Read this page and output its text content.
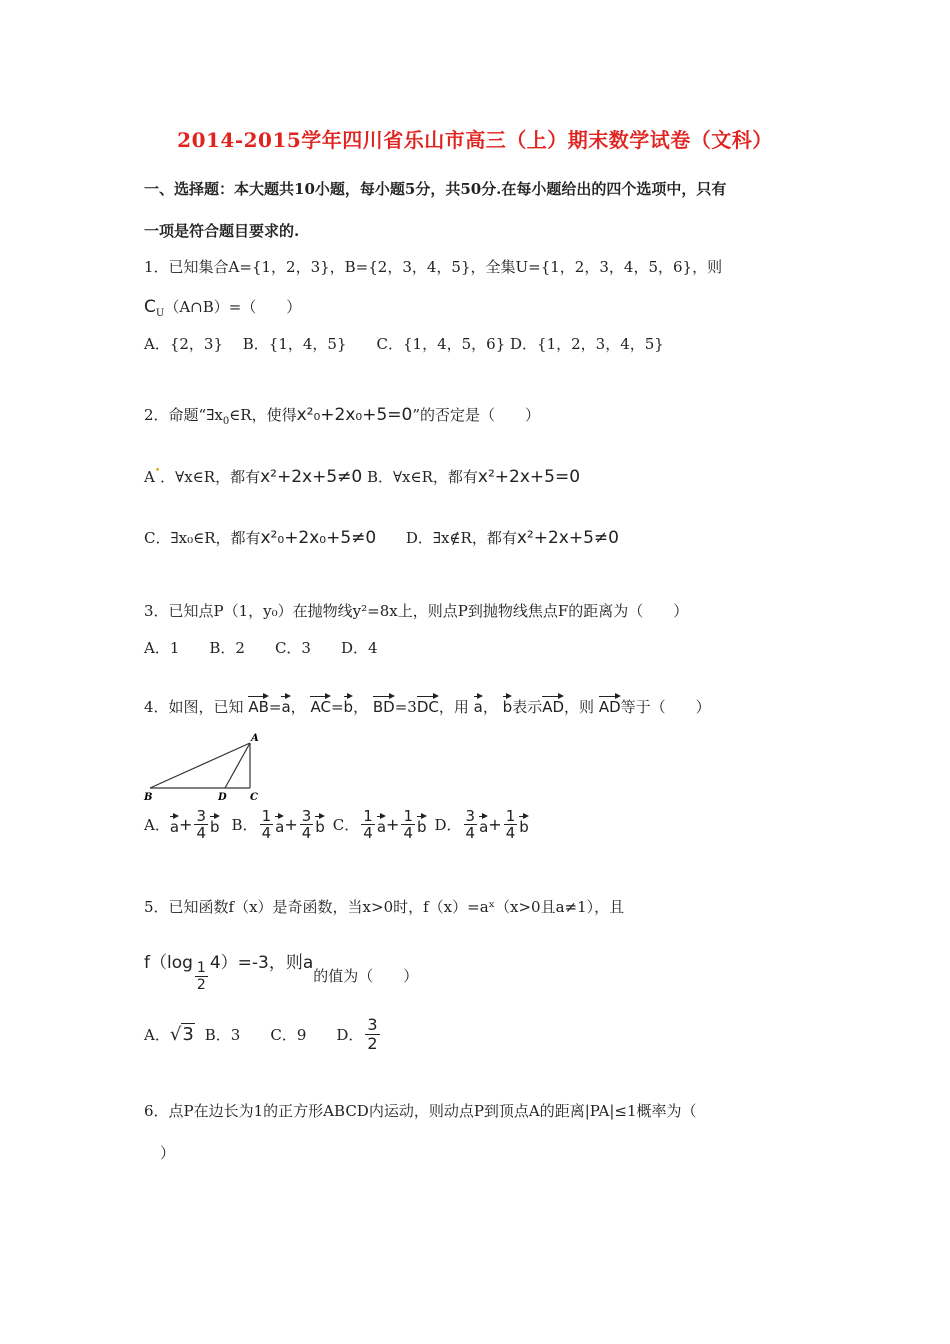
2014-2015学年四川省乐山市高三（上）期末数学试卷（文科）
一、选择题：本大题共10小题，每小题5分，共50分.在每小题给出的四个选项中，只有
一项是符合题目要求的.
1．已知集合A={1，2，3}，B={2，3，4，5}，全集U={1，2，3，4，5，6}，则
$C_U(A\cap B)=$（　　）
A．{2，3}　 B．{1，4，5}　　C．{1，4，5，6} D．{1，2，3，4，5}
2．命题“$\exists x_0\in R$，使得x²₀+2x₀+5=0”的否定是（　　）
A•．∀x∈R，都有x²+2x+5≠0 B．∀x∈R，都有x²+2x+5=0
C．∃x₀∈R，都有x²₀+2x₀+5≠0 D．∃x∉R，都有x²+2x+5≠0
3．已知点P（1，y₀）在抛物线y²=8x上，则点P到抛物线焦点F的距离为（　　）
A．1　　B．2　　C．3　　D．4
4．如图，已知 AB=a， AC=b， BD=3DC，用 a， b表示AD，则 AD等于（　　）
A
B	D C
A． $a + \frac{3}{4}$ b B． $\frac{1}{4}$ $a + \frac{3}{4}$ b C． $\frac{1}{4}$ $a + \frac{1}{4}$ b D． $\frac{3}{4}$ $a + \frac{1}{4}$ b
5．已知函数f（x）是奇函数，当x>0时，f（x）=aˣ（x>0且a≠1），且
$f(\log \frac{1}{2} 4)=-3$，则a
的值为（　　）
A． √3 B．3　　C．9　　D． $\frac{3}{2}$
6．点P在边长为1的正方形ABCD内运动，则动点P到顶点A的距离|PA|≤1概率为（
）
